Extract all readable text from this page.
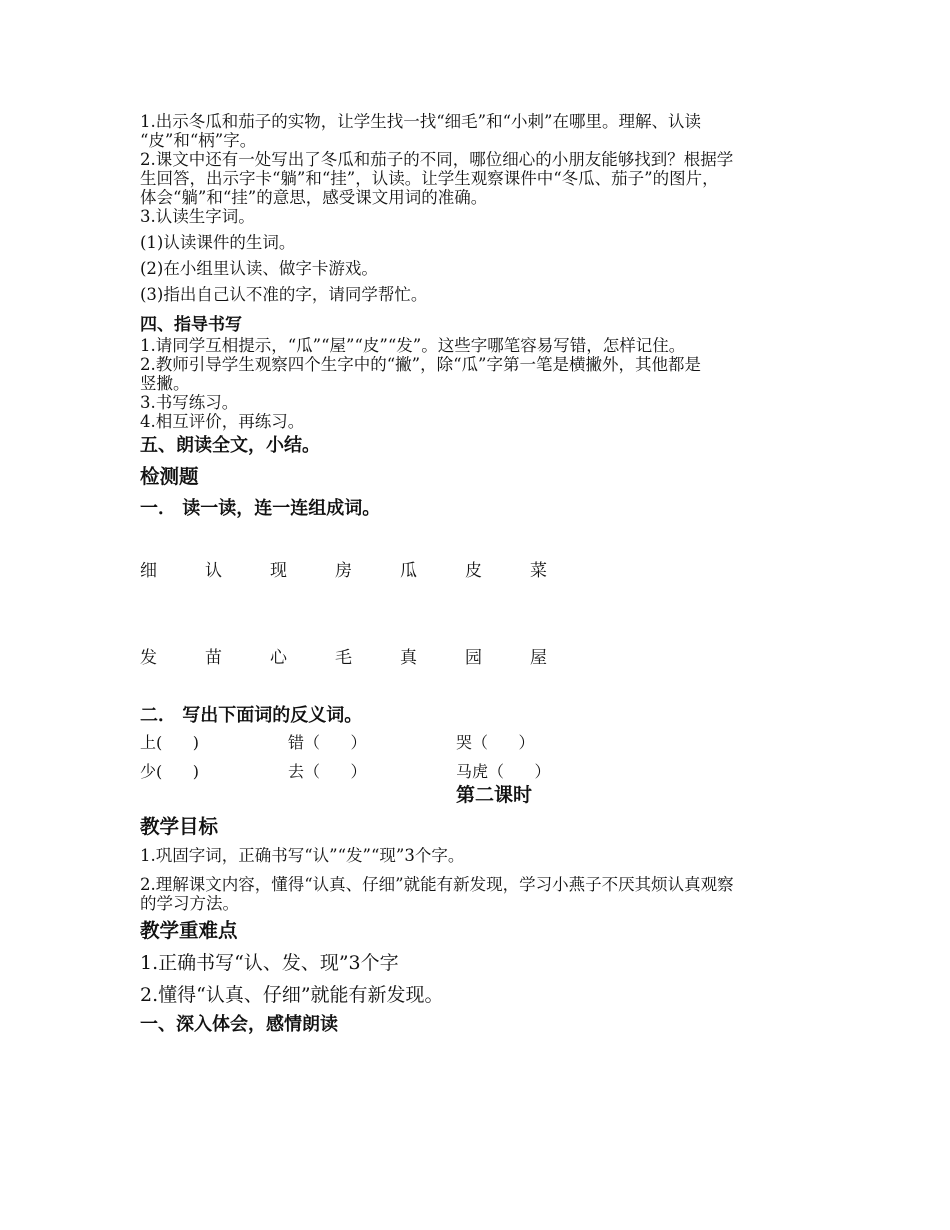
1.出示冬瓜和茄子的实物，让学生找一找“细毛”和“小刺”在哪里。理解、认读

“皮”和“柄”字。

2.课文中还有一处写出了冬瓜和茄子的不同，哪位细心的小朋友能够找到？根据学

生回答，出示字卡“躺”和“挂”，认读。让学生观察课件中“冬瓜、茄子”的图片，

体会“躺”和“挂”的意思，感受课文用词的准确。

3.认读生字词。

(1)认读课件的生词。

(2)在小组里认读、做字卡游戏。

(3)指出自己认不准的字，请同学帮忙。

四、指导书写

1.请同学互相提示，“瓜”“屋”“皮”“发”。这些字哪笔容易写错，怎样记住。

2.教师引导学生观察四个生字中的“撇”，除“瓜”字第一笔是横撇外，其他都是

竖撇。

3.书写练习。

4.相互评价，再练习。

五、朗读全文，小结。

检测题

一． 读一读，连一连组成词。

细	认	现	房	瓜	皮	菜
发	苗	心	毛	真	园	屋

二． 写出下面词的反义词。

上(      )	错（      ）	哭（      ）
少(      )	去（      ）	马虎（      ）

第二课时

教学目标

1.巩固字词，正确书写“认”“发”“现”3个字。

2.理解课文内容，懂得“认真、仔细”就能有新发现，学习小燕子不厌其烦认真观察

的学习方法。

教学重难点

1.正确书写“认、发、现”3个字

2.懂得“认真、仔细”就能有新发现。

一、深入体会，感情朗读
